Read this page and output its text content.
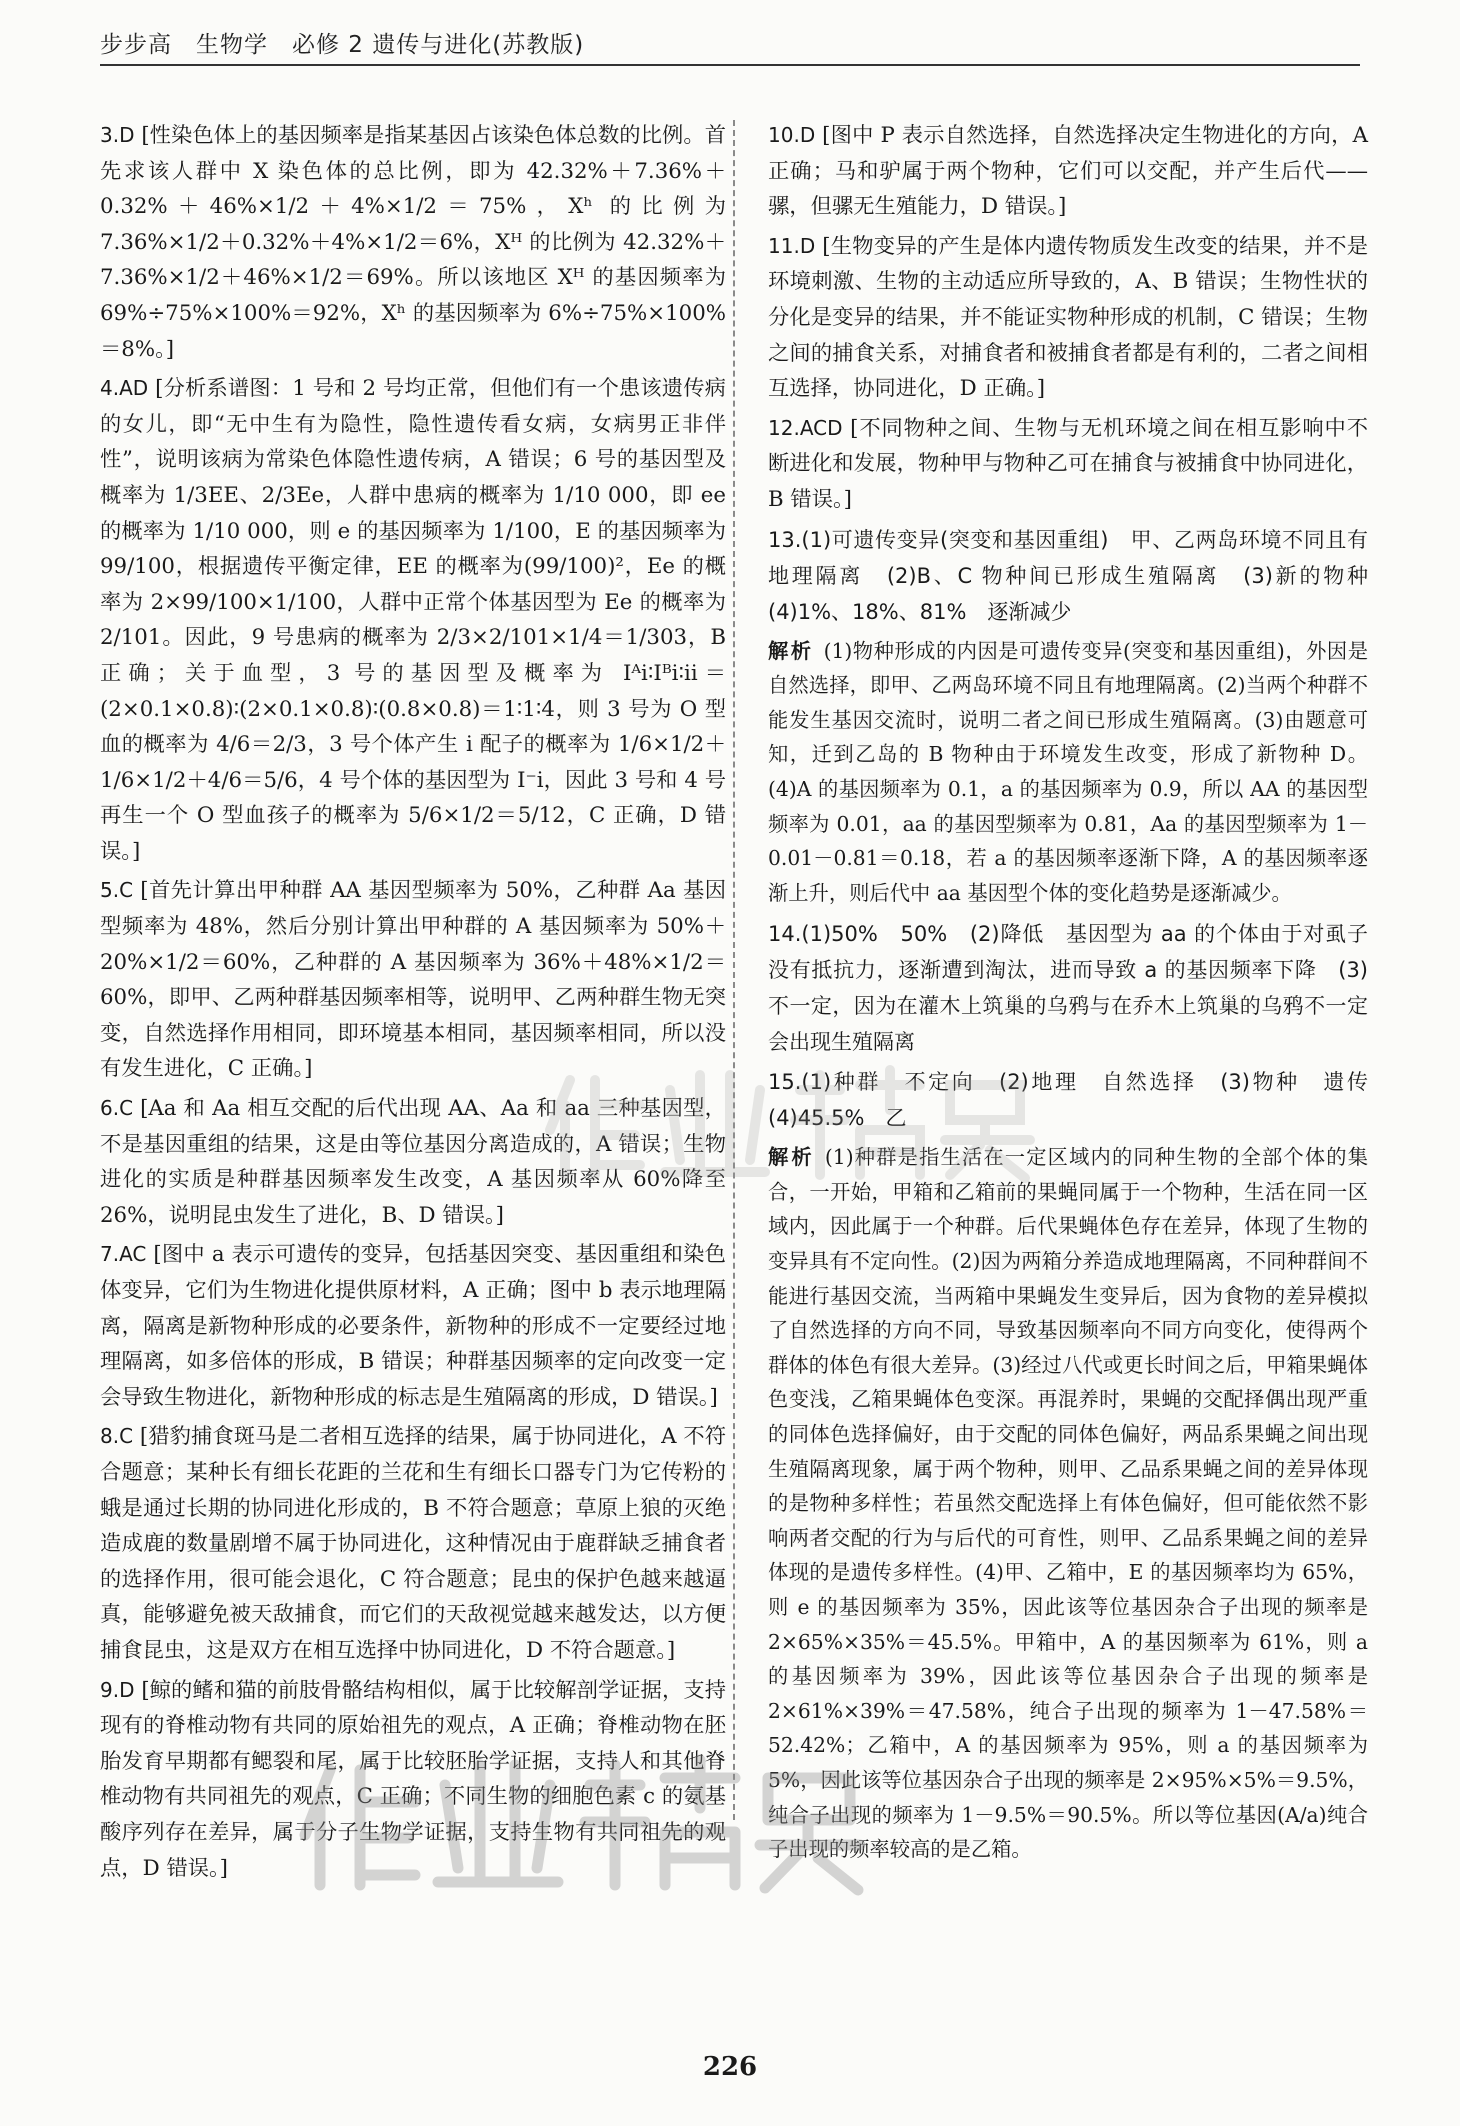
步步高　生物学　必修 2 遗传与进化(苏教版)

3.D [性染色体上的基因频率是指某基因占该染色体总数的比例。首先求该人群中 X 染色体的总比例，即为 42.32%＋7.36%＋0.32%＋46%×1/2＋4%×1/2＝75%，Xʰ 的比例为 7.36%×1/2＋0.32%＋4%×1/2＝6%，Xᴴ 的比例为 42.32%＋7.36%×1/2＋46%×1/2＝69%。所以该地区 Xᴴ 的基因频率为 69%÷75%×100%＝92%，Xʰ 的基因频率为 6%÷75%×100%＝8%。]

4.AD [分析系谱图：1 号和 2 号均正常，但他们有一个患该遗传病的女儿，即“无中生有为隐性，隐性遗传看女病，女病男正非伴性”，说明该病为常染色体隐性遗传病，A 错误；6 号的基因型及概率为 1/3EE、2/3Ee，人群中患病的概率为 1/10 000，即 ee 的概率为 1/10 000，则 e 的基因频率为 1/100，E 的基因频率为 99/100，根据遗传平衡定律，EE 的概率为(99/100)²，Ee 的概率为 2×99/100×1/100，人群中正常个体基因型为 Ee 的概率为 2/101。因此，9 号患病的概率为 2/3×2/101×1/4＝1/303，B 正确；关于血型，3 号的基因型及概率为 Iᴬi∶Iᴮi∶ii＝(2×0.1×0.8)∶(2×0.1×0.8)∶(0.8×0.8)＝1∶1∶4，则 3 号为 O 型血的概率为 4/6＝2/3，3 号个体产生 i 配子的概率为 1/6×1/2＋1/6×1/2＋4/6＝5/6，4 号个体的基因型为 I⁻i，因此 3 号和 4 号再生一个 O 型血孩子的概率为 5/6×1/2＝5/12，C 正确，D 错误。]

5.C [首先计算出甲种群 AA 基因型频率为 50%，乙种群 Aa 基因型频率为 48%，然后分别计算出甲种群的 A 基因频率为 50%＋20%×1/2＝60%，乙种群的 A 基因频率为 36%＋48%×1/2＝60%，即甲、乙两种群基因频率相等，说明甲、乙两种群生物无突变，自然选择作用相同，即环境基本相同，基因频率相同，所以没有发生进化，C 正确。]

6.C [Aa 和 Aa 相互交配的后代出现 AA、Aa 和 aa 三种基因型，不是基因重组的结果，这是由等位基因分离造成的，A 错误；生物进化的实质是种群基因频率发生改变，A 基因频率从 60%降至 26%，说明昆虫发生了进化，B、D 错误。]

7.AC [图中 a 表示可遗传的变异，包括基因突变、基因重组和染色体变异，它们为生物进化提供原材料，A 正确；图中 b 表示地理隔离，隔离是新物种形成的必要条件，新物种的形成不一定要经过地理隔离，如多倍体的形成，B 错误；种群基因频率的定向改变一定会导致生物进化，新物种形成的标志是生殖隔离的形成，D 错误。]

8.C [猎豹捕食斑马是二者相互选择的结果，属于协同进化，A 不符合题意；某种长有细长花距的兰花和生有细长口器专门为它传粉的蛾是通过长期的协同进化形成的，B 不符合题意；草原上狼的灭绝造成鹿的数量剧增不属于协同进化，这种情况由于鹿群缺乏捕食者的选择作用，很可能会退化，C 符合题意；昆虫的保护色越来越逼真，能够避免被天敌捕食，而它们的天敌视觉越来越发达，以方便捕食昆虫，这是双方在相互选择中协同进化，D 不符合题意。]

9.D [鲸的鳍和猫的前肢骨骼结构相似，属于比较解剖学证据，支持现有的脊椎动物有共同的原始祖先的观点，A 正确；脊椎动物在胚胎发育早期都有鳃裂和尾，属于比较胚胎学证据，支持人和其他脊椎动物有共同祖先的观点，C 正确；不同生物的细胞色素 c 的氨基酸序列存在差异，属于分子生物学证据，支持生物有共同祖先的观点，D 错误。]

10.D [图中 P 表示自然选择，自然选择决定生物进化的方向，A 正确；马和驴属于两个物种，它们可以交配，并产生后代——骡，但骡无生殖能力，D 错误。]

11.D [生物变异的产生是体内遗传物质发生改变的结果，并不是环境刺激、生物的主动适应所导致的，A、B 错误；生物性状的分化是变异的结果，并不能证实物种形成的机制，C 错误；生物之间的捕食关系，对捕食者和被捕食者都是有利的，二者之间相互选择，协同进化，D 正确。]

12.ACD [不同物种之间、生物与无机环境之间在相互影响中不断进化和发展，物种甲与物种乙可在捕食与被捕食中协同进化，B 错误。]

13.(1)可遗传变异(突变和基因重组)　甲、乙两岛环境不同且有地理隔离　(2)B、C 物种间已形成生殖隔离　(3)新的物种　(4)1%、18%、81%　逐渐减少

解析 (1)物种形成的内因是可遗传变异(突变和基因重组)，外因是自然选择，即甲、乙两岛环境不同且有地理隔离。(2)当两个种群不能发生基因交流时，说明二者之间已形成生殖隔离。(3)由题意可知，迁到乙岛的 B 物种由于环境发生改变，形成了新物种 D。(4)A 的基因频率为 0.1，a 的基因频率为 0.9，所以 AA 的基因型频率为 0.01，aa 的基因型频率为 0.81，Aa 的基因型频率为 1－0.01－0.81＝0.18，若 a 的基因频率逐渐下降，A 的基因频率逐渐上升，则后代中 aa 基因型个体的变化趋势是逐渐减少。

14.(1)50%　50%　(2)降低　基因型为 aa 的个体由于对虱子没有抵抗力，逐渐遭到淘汰，进而导致 a 的基因频率下降　(3)不一定，因为在灌木上筑巢的乌鸦与在乔木上筑巢的乌鸦不一定会出现生殖隔离

15.(1)种群　不定向　(2)地理　自然选择　(3)物种　遗传　(4)45.5%　乙

解析 (1)种群是指生活在一定区域内的同种生物的全部个体的集合，一开始，甲箱和乙箱前的果蝇同属于一个物种，生活在同一区域内，因此属于一个种群。后代果蝇体色存在差异，体现了生物的变异具有不定向性。(2)因为两箱分养造成地理隔离，不同种群间不能进行基因交流，当两箱中果蝇发生变异后，因为食物的差异模拟了自然选择的方向不同，导致基因频率向不同方向变化，使得两个群体的体色有很大差异。(3)经过八代或更长时间之后，甲箱果蝇体色变浅，乙箱果蝇体色变深。再混养时，果蝇的交配择偶出现严重的同体色选择偏好，由于交配的同体色偏好，两品系果蝇之间出现生殖隔离现象，属于两个物种，则甲、乙品系果蝇之间的差异体现的是物种多样性；若虽然交配选择上有体色偏好，但可能依然不影响两者交配的行为与后代的可育性，则甲、乙品系果蝇之间的差异体现的是遗传多样性。(4)甲、乙箱中，E 的基因频率均为 65%，则 e 的基因频率为 35%，因此该等位基因杂合子出现的频率是 2×65%×35%＝45.5%。甲箱中，A 的基因频率为 61%，则 a 的基因频率为 39%，因此该等位基因杂合子出现的频率是 2×61%×39%＝47.58%，纯合子出现的频率为 1－47.58%＝52.42%；乙箱中，A 的基因频率为 95%，则 a 的基因频率为 5%，因此该等位基因杂合子出现的频率是 2×95%×5%＝9.5%，纯合子出现的频率为 1－9.5%＝90.5%。所以等位基因(A/a)纯合子出现的频率较高的是乙箱。

226
